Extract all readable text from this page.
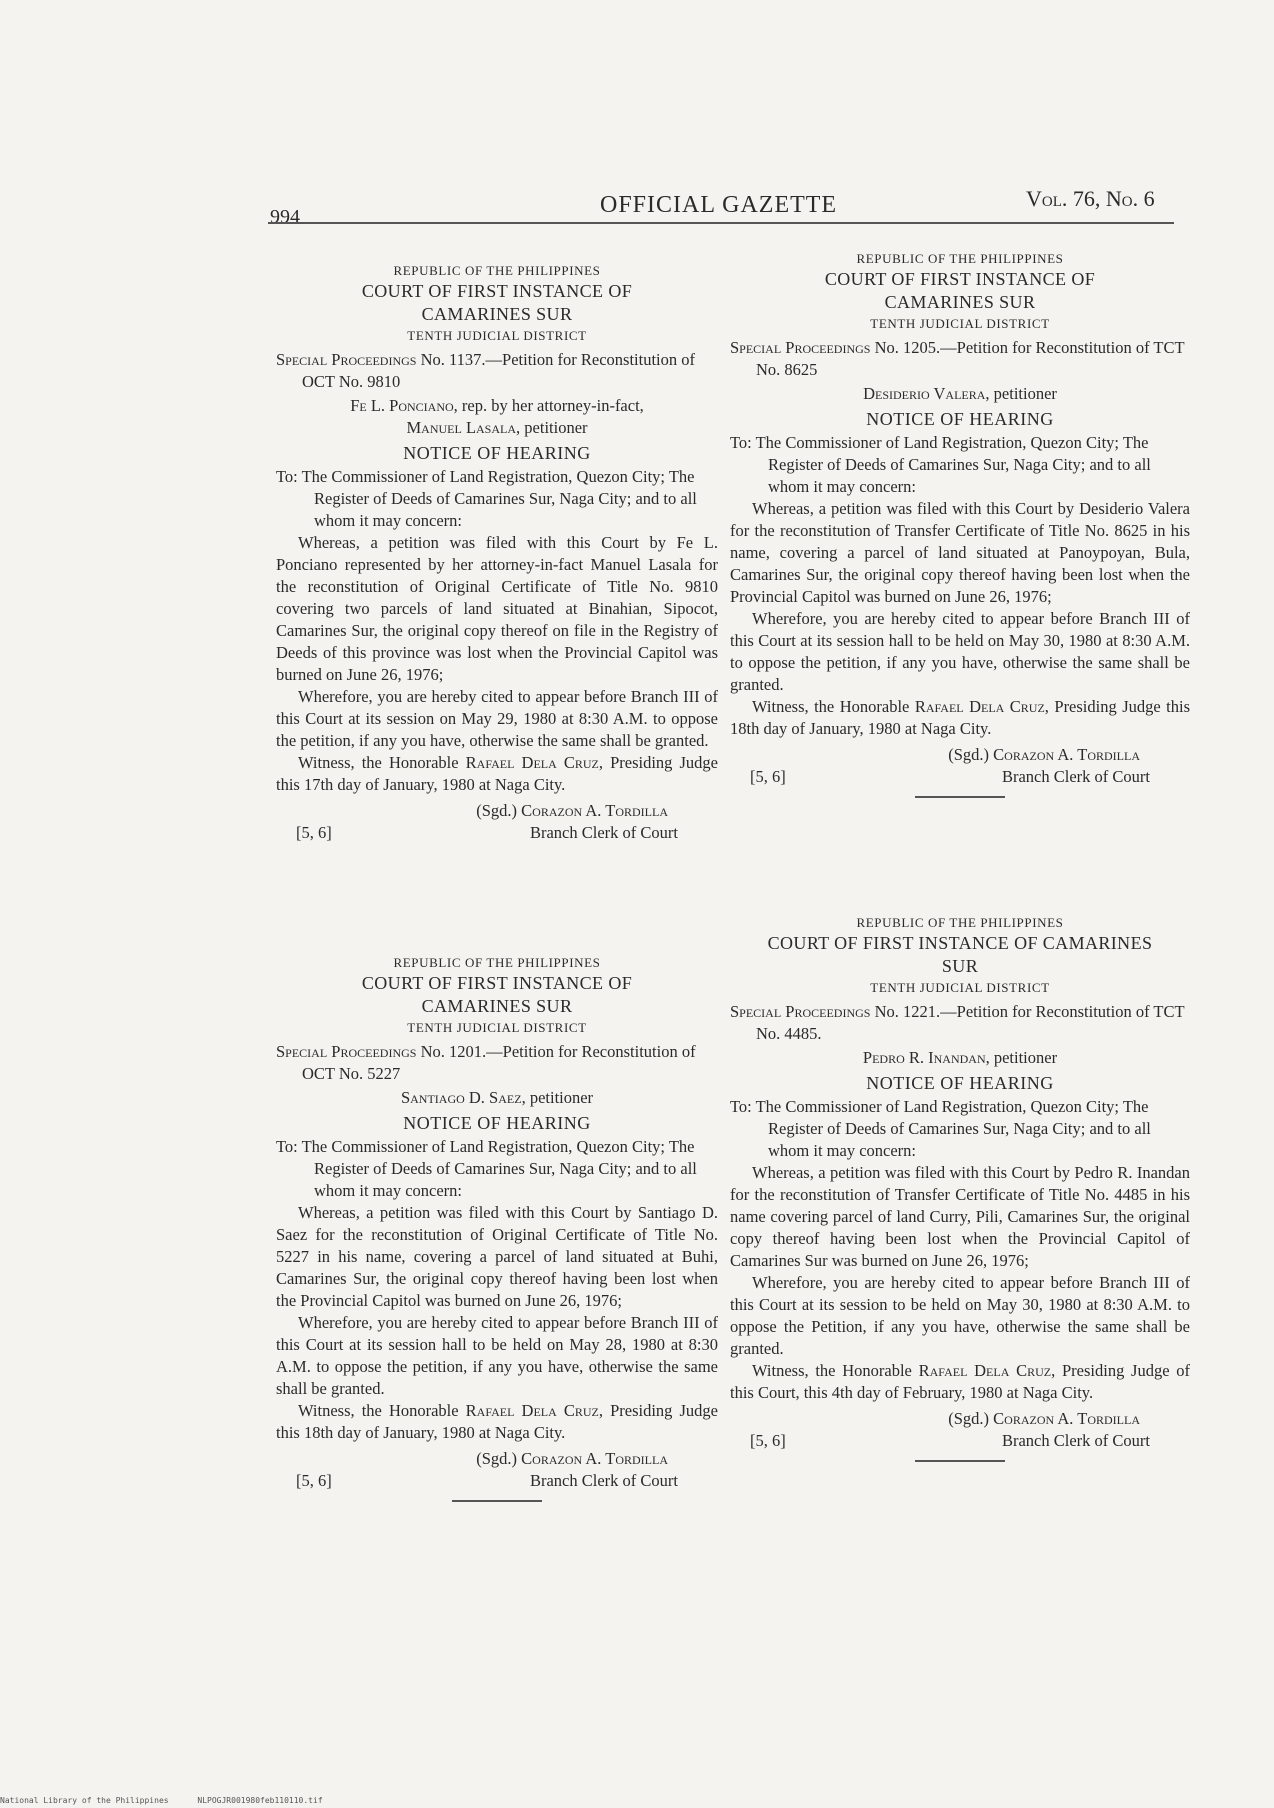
994	OFFICIAL GAZETTE	Vol. 76, No. 6
REPUBLIC OF THE PHILIPPINES
COURT OF FIRST INSTANCE OF
CAMARINES SUR
TENTH JUDICIAL DISTRICT
Special Proceedings No. 1137.—Petition for Reconstitution of OCT No. 9810
Fe L. Ponciano, rep. by her attorney-in-fact,
Manuel Lasala, petitioner
NOTICE OF HEARING
To: The Commissioner of Land Registration, Quezon City; The Register of Deeds of Camarines Sur, Naga City; and to all whom it may concern:

Whereas, a petition was filed with this Court by Fe L. Ponciano represented by her attorney-in-fact Manuel Lasala for the reconstitution of Original Certificate of Title No. 9810 covering two parcels of land situated at Binahian, Sipocot, Camarines Sur, the original copy thereof on file in the Registry of Deeds of this province was lost when the Provincial Capitol was burned on June 26, 1976;

Wherefore, you are hereby cited to appear before Branch III of this Court at its session on May 29, 1980 at 8:30 A.M. to oppose the petition, if any you have, otherwise the same shall be granted.

Witness, the Honorable Rafael Dela Cruz, Presiding Judge this 17th day of January, 1980 at Naga City.

(Sgd.) Corazon A. Tordilla
[5, 6]	Branch Clerk of Court
REPUBLIC OF THE PHILIPPINES
COURT OF FIRST INSTANCE OF
CAMARINES SUR
TENTH JUDICIAL DISTRICT
Special Proceedings No. 1201.—Petition for Reconstitution of OCT No. 5227
Santiago D. Saez, petitioner
NOTICE OF HEARING
To: The Commissioner of Land Registration, Quezon City; The Register of Deeds of Camarines Sur, Naga City; and to all whom it may concern:

Whereas, a petition was filed with this Court by Santiago D. Saez for the reconstitution of Original Certificate of Title No. 5227 in his name, covering a parcel of land situated at Buhi, Camarines Sur, the original copy thereof having been lost when the Provincial Capitol was burned on June 26, 1976;

Wherefore, you are hereby cited to appear before Branch III of this Court at its session hall to be held on May 28, 1980 at 8:30 A.M. to oppose the petition, if any you have, otherwise the same shall be granted.

Witness, the Honorable Rafael Dela Cruz, Presiding Judge this 18th day of January, 1980 at Naga City.

(Sgd.) Corazon A. Tordilla
[5, 6]	Branch Clerk of Court
REPUBLIC OF THE PHILIPPINES
COURT OF FIRST INSTANCE OF
CAMARINES SUR
TENTH JUDICIAL DISTRICT
Special Proceedings No. 1205.—Petition for Reconstitution of TCT No. 8625
Desiderio Valera, petitioner
NOTICE OF HEARING
To: The Commissioner of Land Registration, Quezon City; The Register of Deeds of Camarines Sur, Naga City; and to all whom it may concern:

Whereas, a petition was filed with this Court by Desiderio Valera for the reconstitution of Transfer Certificate of Title No. 8625 in his name, covering a parcel of land situated at Panoypoyan, Bula, Camarines Sur, the original copy thereof having been lost when the Provincial Capitol was burned on June 26, 1976;

Wherefore, you are hereby cited to appear before Branch III of this Court at its session hall to be held on May 30, 1980 at 8:30 A.M. to oppose the petition, if any you have, otherwise the same shall be granted.

Witness, the Honorable Rafael Dela Cruz, Presiding Judge this 18th day of January, 1980 at Naga City.

(Sgd.) Corazon A. Tordilla
[5, 6]	Branch Clerk of Court
REPUBLIC OF THE PHILIPPINES
COURT OF FIRST INSTANCE OF CAMARINES
SUR
TENTH JUDICIAL DISTRICT
Special Proceedings No. 1221.—Petition for Reconstitution of TCT No. 4485.
Pedro R. Inandan, petitioner
NOTICE OF HEARING
To: The Commissioner of Land Registration, Quezon City; The Register of Deeds of Camarines Sur, Naga City; and to all whom it may concern:

Whereas, a petition was filed with this Court by Pedro R. Inandan for the reconstitution of Transfer Certificate of Title No. 4485 in his name covering parcel of land Curry, Pili, Camarines Sur, the original copy thereof having been lost when the Provincial Capitol of Camarines Sur was burned on June 26, 1976;

Wherefore, you are hereby cited to appear before Branch III of this Court at its session to be held on May 30, 1980 at 8:30 A.M. to oppose the Petition, if any you have, otherwise the same shall be granted.

Witness, the Honorable Rafael Dela Cruz, Presiding Judge of this Court, this 4th day of February, 1980 at Naga City.

(Sgd.) Corazon A. Tordilla
[5, 6]	Branch Clerk of Court
National Library of the Philippines	NLPOGJR001980feb110110.tif
